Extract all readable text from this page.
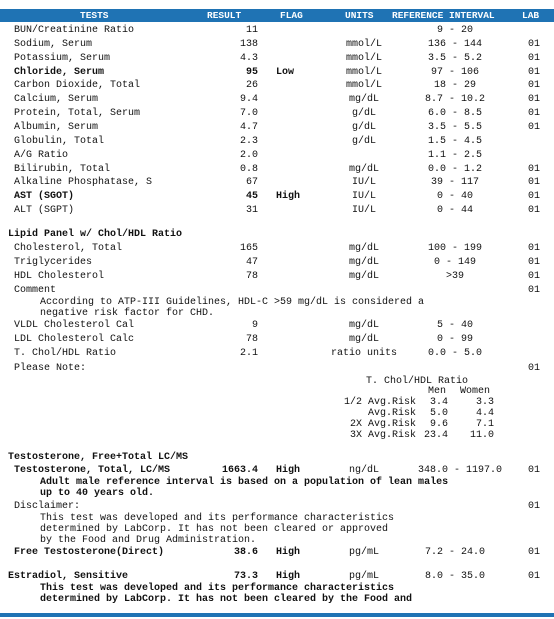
TESTS	RESULT	FLAG	UNITS REFERENCE INTERVAL	LAB
BUN/Creatinine Ratio	11	9 - 20
Sodium, Serum	138	mmol/L	136 - 144	01
Potassium, Serum	4.3	mmol/L	3.5 - 5.2	01
Chloride, Serum	95 Low	mmol/L	97 - 106	01
Carbon Dioxide, Total	26	mmol/L	18 - 29	01
Calcium, Serum	9.4	mg/dL	8.7 - 10.2	01
Protein, Total, Serum	7.0	g/dL	6.0 - 8.5	01
Albumin, Serum	4.7	g/dL	3.5 - 5.5	01
Globulin, Total	2.3	g/dL	1.5 - 4.5
A/G Ratio	2.0	1.1 - 2.5
Bilirubin, Total	0.8	mg/dL	0.0 - 1.2	01
Alkaline Phosphatase, S	67	IU/L	39 - 117	01
AST (SGOT)	45 High	IU/L	0 - 40	01
ALT (SGPT)	31	IU/L	0 - 44	01
Lipid Panel w/ Chol/HDL Ratio
Cholesterol, Total	165	mg/dL	100 - 199	01
Triglycerides	47	mg/dL	0 - 149	01
HDL Cholesterol	78	mg/dL	>39	01
Comment	01
According to ATP-III Guidelines, HDL-C >59 mg/dL is considered a
negative risk factor for CHD.
VLDL Cholesterol Cal	9	mg/dL	5 - 40
LDL Cholesterol Calc	78	mg/dL	0 - 99
T. Chol/HDL Ratio	2.1	ratio units	0.0 - 5.0
Please Note:	01
T. Chol/HDL Ratio
Men Women
1/2 Avg.Risk 3.4	3.3
Avg.Risk 5.0	4.4
2X Avg.Risk 9.6	7.1
3X Avg.Risk 23.4 11.0
Testosterone, Free+Total LC/MS
Testosterone, Total, LC/MS	1663.4 High	ng/dL	348.0 - 1197.0	01
Adult male reference interval is based on a population of lean males
up to 40 years old.
Disclaimer:	01
This test was developed and its performance characteristics
determined by LabCorp. It has not been cleared or approved
by the Food and Drug Administration.
Free Testosterone(Direct)	38.6 High	pg/mL	7.2 - 24.0	01
Estradiol, Sensitive	73.3 High	pg/mL	8.0 - 35.0	01
This test was developed and its performance characteristics
determined by LabCorp. It has not been cleared by the Food and
